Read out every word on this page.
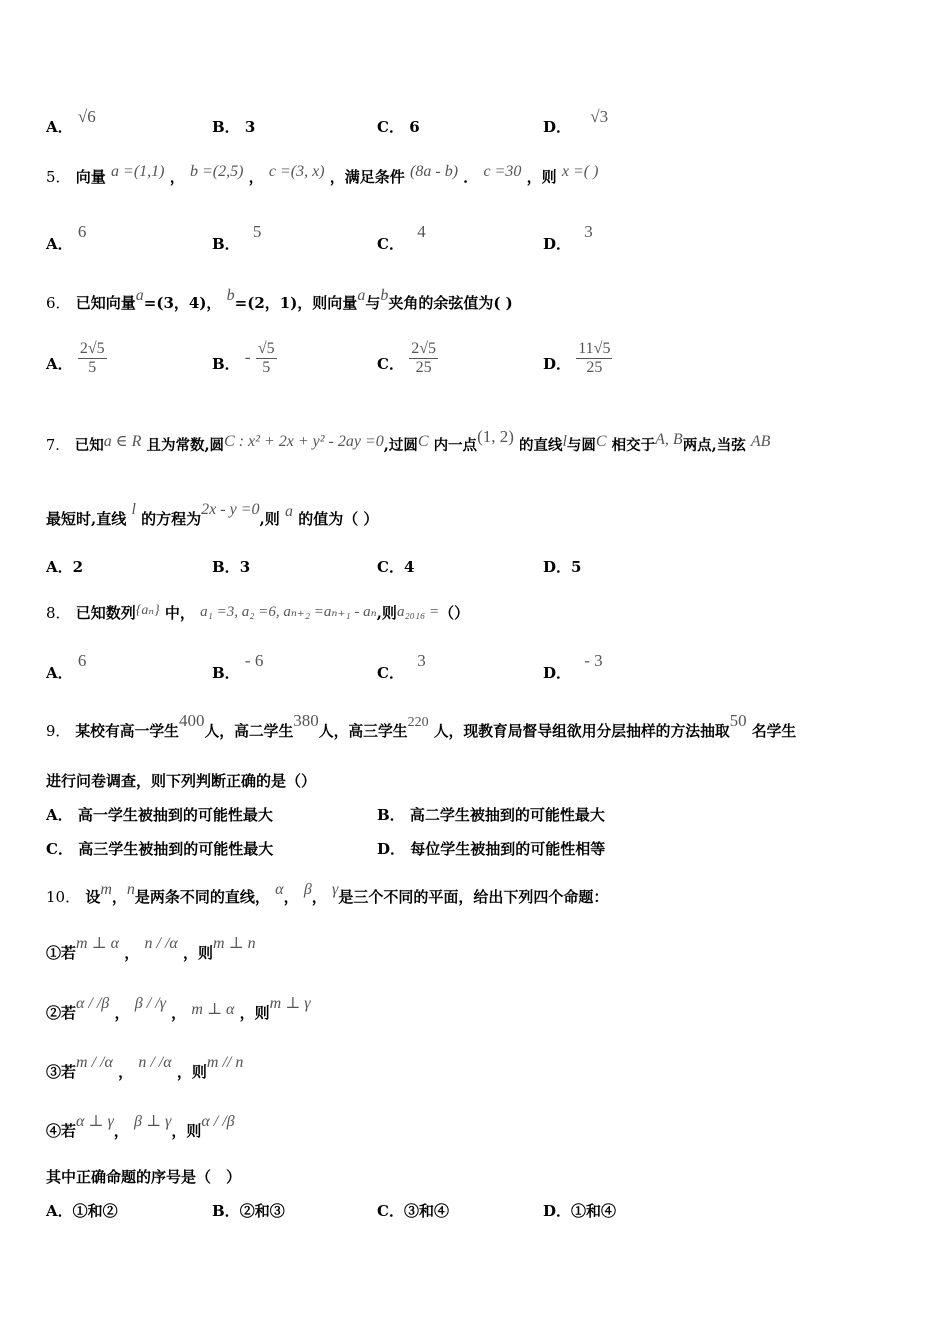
A． √6
B． 3	C． 6	D． √3
5． 向量 a =(1,1) ， b =(2,5) ， c =(3, x) ，满足条件 (8a - b) ． c =30 ，则 x =( )
A． 6
B． 5
C． 4
D． 3
6． 已知向量a=(3，4)， b=(2，1)，则向量a与b夹角的余弦值为( )
A． $\frac{2√5}{5}$	B． - $\frac{√5}{5}$	C． $\frac{2√5}{25}$	D． $\frac{11√5}{25}$
7． 已知a ∈ R 且为常数,圆C : x² + 2x + y² - 2ay =0,过圆C 内一点(1, 2) 的直线l与圆C 相交于A, B两点,当弦 AB
最短时,直线 l 的方程为2x - y =0,则 a 的值为（ ）
A．2	B．3	C．4	D．5
8． 已知数列{aₙ} 中， a₁ =3, a₂ =6, aₙ₊₂ =aₙ₊₁ - aₙ,则a₂₀₁₆ =（）
A． 6
B． - 6
C． 3
D． - 3
9． 某校有高一学生400人，高二学生380人，高三学生220 人，现教育局督导组欲用分层抽样的方法抽取50 名学生
进行问卷调查，则下列判断正确的是（）
A． 高一学生被抽到的可能性最大	B． 高二学生被抽到的可能性最大
C． 高三学生被抽到的可能性最大	D． 每位学生被抽到的可能性相等
10． 设m，n是两条不同的直线， α， β， γ是三个不同的平面，给出下列四个命题：
①若m ⊥ α ， n / /α ，则m ⊥ n
②若α / /β ， β / /γ ， m ⊥ α ，则m ⊥ γ
③若m / /α ， n / /α ，则m // n
④若α ⊥ γ， β ⊥ γ，则α / /β
其中正确命题的序号是（　）
A．①和②	B．②和③	C．③和④	D．①和④
